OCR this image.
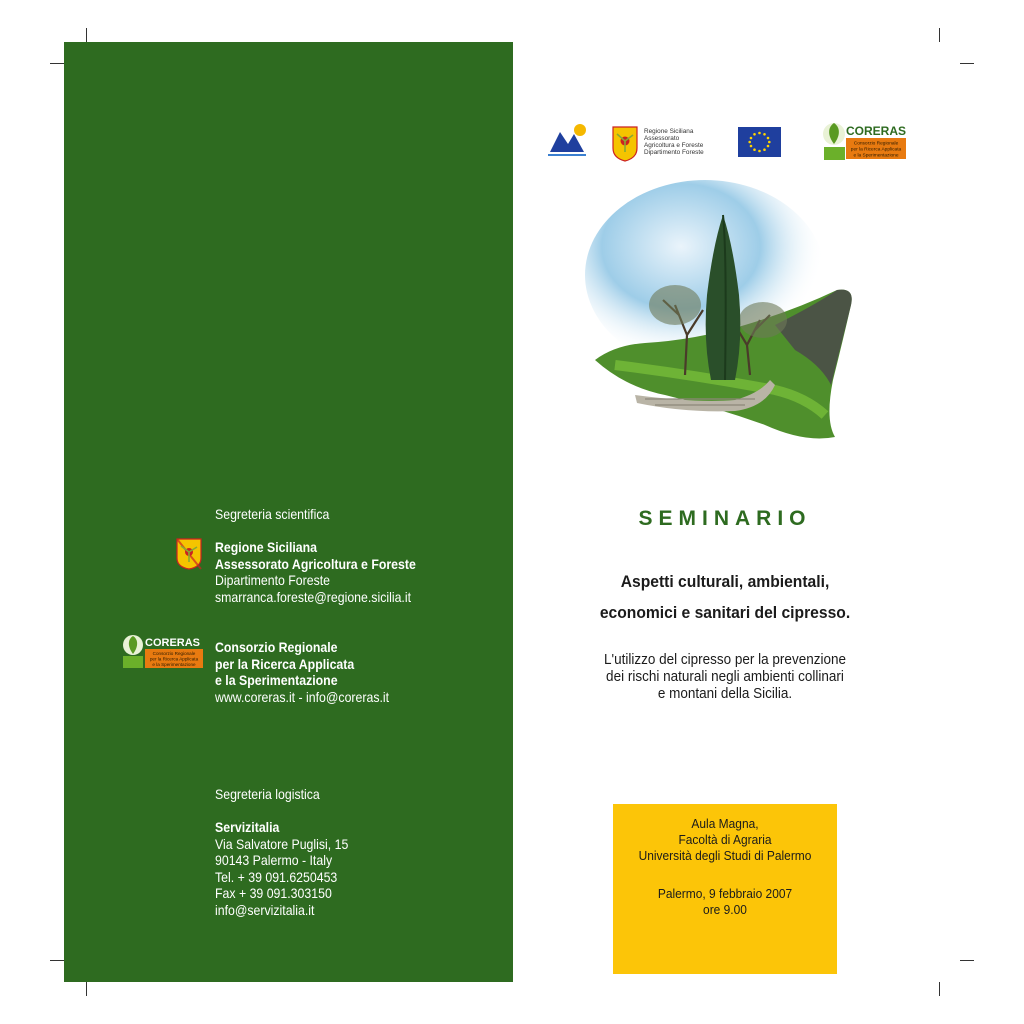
Segreteria scientifica
Regione Siciliana
Assessorato Agricoltura e Foreste
Dipartimento Foreste
smarranca.foreste@regione.sicilia.it
CORERAS
Consorzio Regionale
per la Ricerca Applicata
e la Sperimentazione
Consorzio Regionale
per la Ricerca Applicata
e la Sperimentazione
www.coreras.it - info@coreras.it
Segreteria logistica
Servizitalia
Via Salvatore Puglisi, 15
90143 Palermo - Italy
Tel. + 39 091.6250453
Fax + 39 091.303150
info@servizitalia.it
Regione Siciliana
Assessorato
Agricoltura e Foreste
Dipartimento Foreste
CORERAS
Consorzio Regionale
per la Ricerca Applicata
e la Sperimentazione
SEMINARIO
Aspetti culturali, ambientali,
economici e sanitari del cipresso.
L'utilizzo del cipresso per la prevenzione
dei rischi naturali negli ambienti collinari
e montani della Sicilia.
Aula Magna,
Facoltà di Agraria
Università degli Studi di Palermo
Palermo, 9 febbraio 2007
ore 9.00
